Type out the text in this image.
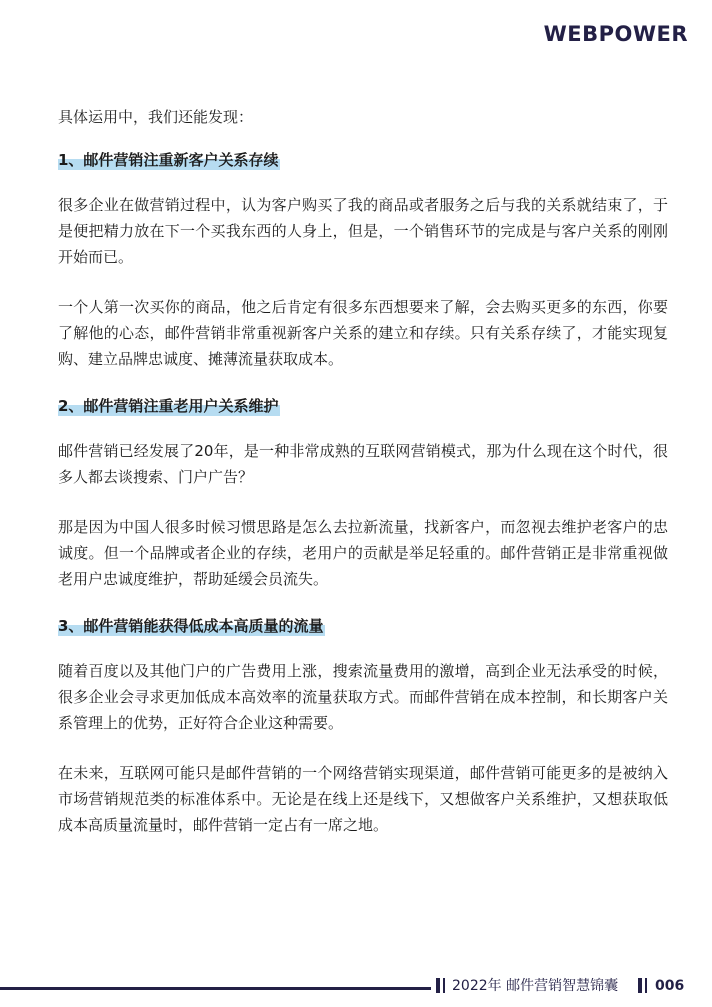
WEBPOWER

具体运用中，我们还能发现：

1、邮件营销注重新客户关系存续

很多企业在做营销过程中，认为客户购买了我的商品或者服务之后与我的关系就结束了，于是便把精力放在下一个买我东西的人身上，但是，一个销售环节的完成是与客户关系的刚刚开始而已。

一个人第一次买你的商品，他之后肯定有很多东西想要来了解，会去购买更多的东西，你要了解他的心态，邮件营销非常重视新客户关系的建立和存续。只有关系存续了，才能实现复购、建立品牌忠诚度、摊薄流量获取成本。

2、邮件营销注重老用户关系维护

邮件营销已经发展了20年，是一种非常成熟的互联网营销模式，那为什么现在这个时代，很多人都去谈搜索、门户广告？

那是因为中国人很多时候习惯思路是怎么去拉新流量，找新客户，而忽视去维护老客户的忠诚度。但一个品牌或者企业的存续，老用户的贡献是举足轻重的。邮件营销正是非常重视做老用户忠诚度维护，帮助延缓会员流失。

3、邮件营销能获得低成本高质量的流量

随着百度以及其他门户的广告费用上涨，搜索流量费用的激增，高到企业无法承受的时候，很多企业会寻求更加低成本高效率的流量获取方式。而邮件营销在成本控制，和长期客户关系管理上的优势，正好符合企业这种需要。

在未来，互联网可能只是邮件营销的一个网络营销实现渠道，邮件营销可能更多的是被纳入市场营销规范类的标准体系中。无论是在线上还是线下，又想做客户关系维护，又想获取低成本高质量流量时，邮件营销一定占有一席之地。

2022年 邮件营销智慧锦囊	006
